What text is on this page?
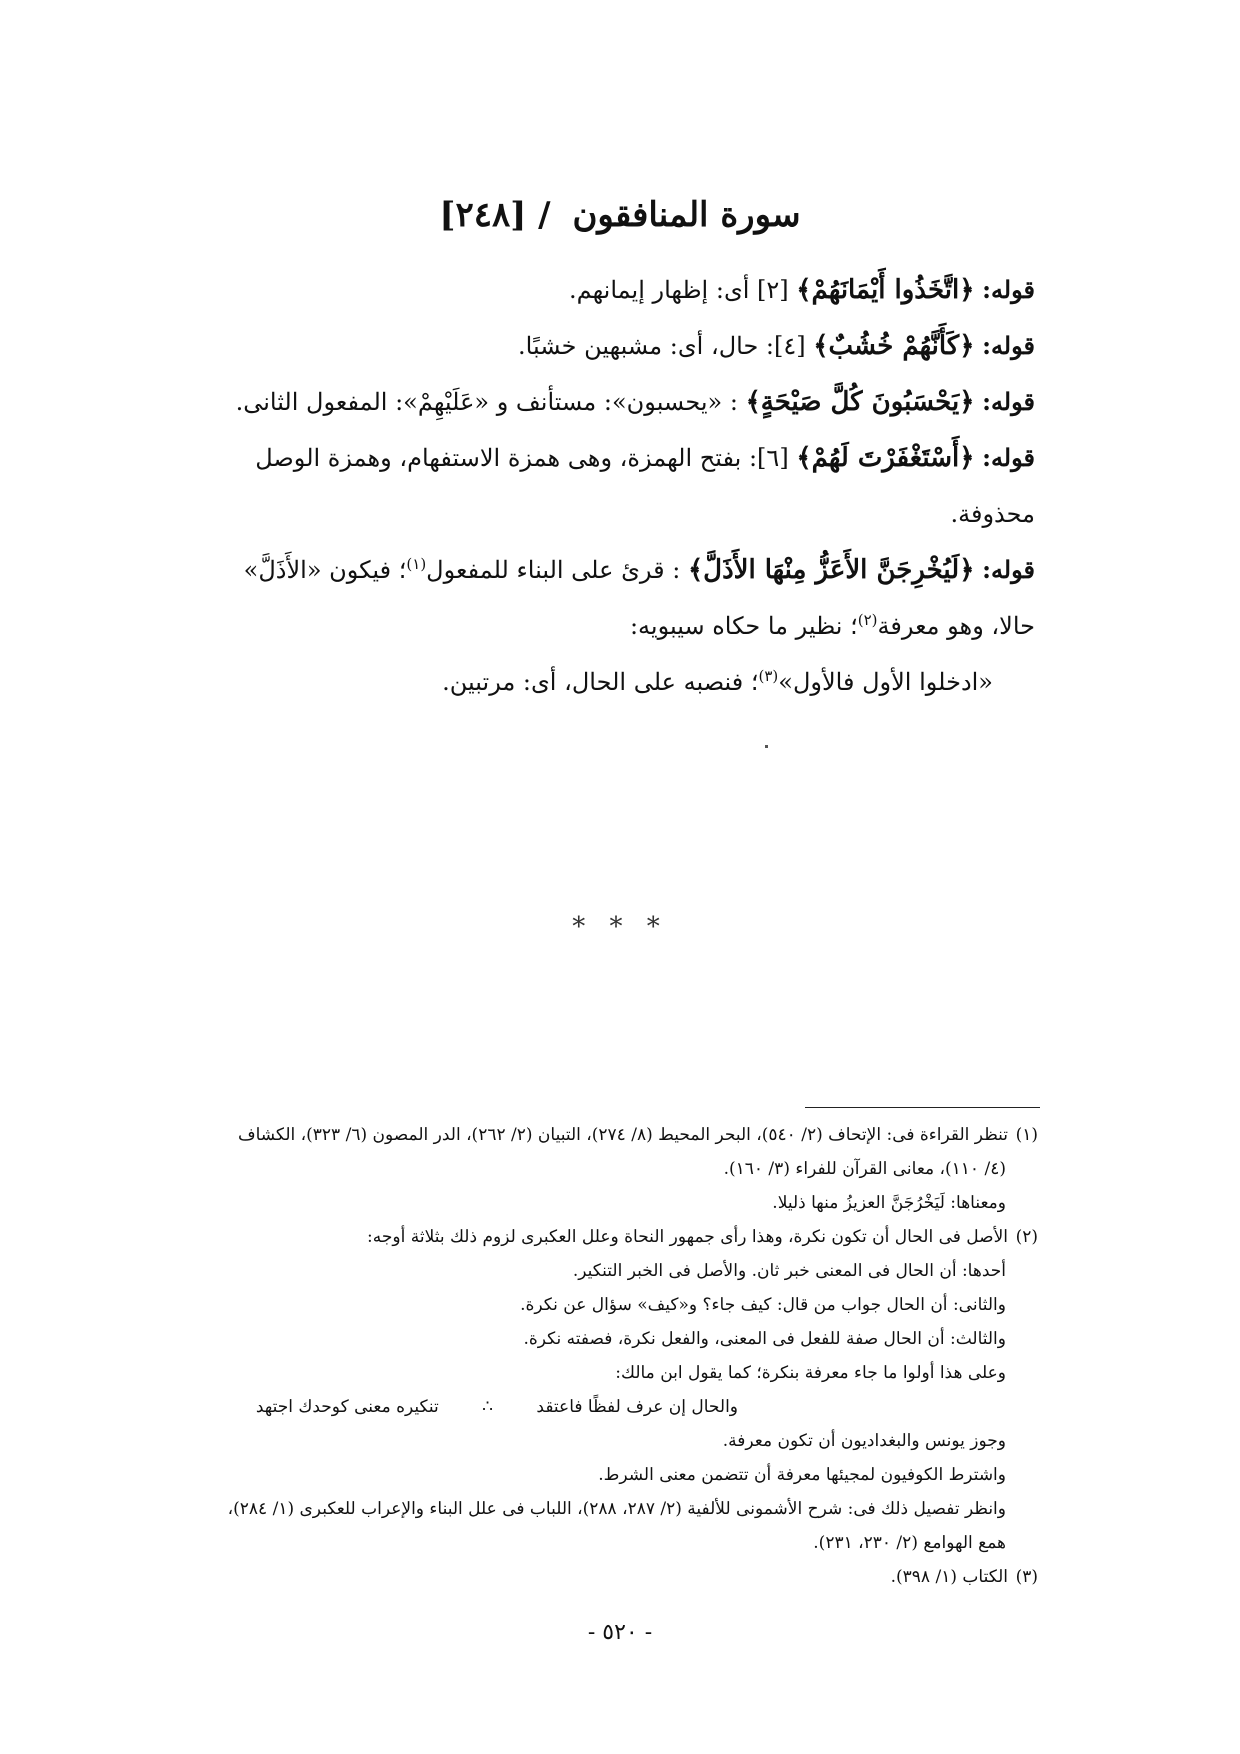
سورة المنافقون / [٢٤٨]
قوله: ﴿اتَّخَذُوا أَيْمَانَهُمْ﴾ [٢] أى: إظهار إيمانهم.
قوله: ﴿كَأَنَّهُمْ خُشُبٌ﴾ [٤]: حال، أى: مشبهين خشبًا.
قوله: ﴿يَحْسَبُونَ كُلَّ صَيْحَةٍ﴾ : «يحسبون»: مستأنف و «عَلَيْهِمْ»: المفعول الثانى.
قوله: ﴿أَسْتَغْفَرْتَ لَهُمْ﴾ [٦]: بفتح الهمزة، وهى همزة الاستفهام، وهمزة الوصل
محذوفة.
قوله: ﴿لَيُخْرِجَنَّ الأَعَزُّ مِنْهَا الأَذَلَّ﴾ : قرئ على البناء للمفعول$^{(١)}$؛ فيكون «الأَذَلَّ»
حالا، وهو معرفة$^{(٢)}$؛ نظير ما حكاه سيبويه:
«ادخلوا الأول فالأول»$^{(٣)}$؛ فنصبه على الحال، أى: مرتبين.
* * *
(١)تنظر القراءة فى: الإتحاف (٢/ ٥٤٠)، البحر المحيط (٨/ ٢٧٤)، التبيان (٢/ ٢٦٢)، الدر المصون (٦/ ٣٢٣)، الكشاف
(٤/ ١١٠)، معانى القرآن للفراء (٣/ ١٦٠).
ومعناها: لَيَخْرُجَنَّ العزيزُ منها ذليلا.
(٢)الأصل فى الحال أن تكون نكرة، وهذا رأى جمهور النحاة وعلل العكبرى لزوم ذلك بثلاثة أوجه:
أحدها: أن الحال فى المعنى خبر ثان. والأصل فى الخبر التنكير.
والثانى: أن الحال جواب من قال: كيف جاء؟ و«كيف» سؤال عن نكرة.
والثالث: أن الحال صفة للفعل فى المعنى، والفعل نكرة، فصفته نكرة.
وعلى هذا أولوا ما جاء معرفة بنكرة؛ كما يقول ابن مالك:
والحال إن عرف لفظًا فاعتقد ∴ تنكيره معنى كوحدك اجتهد
وجوز يونس والبغداديون أن تكون معرفة.
واشترط الكوفيون لمجيئها معرفة أن تتضمن معنى الشرط.
وانظر تفصيل ذلك فى: شرح الأشمونى للألفية (٢/ ٢٨٧، ٢٨٨)، اللباب فى علل البناء والإعراب للعكبرى (١/ ٢٨٤)،
همع الهوامع (٢/ ٢٣٠، ٢٣١).
(٣)الكتاب (١/ ٣٩٨).
- ٥٢٠ -
